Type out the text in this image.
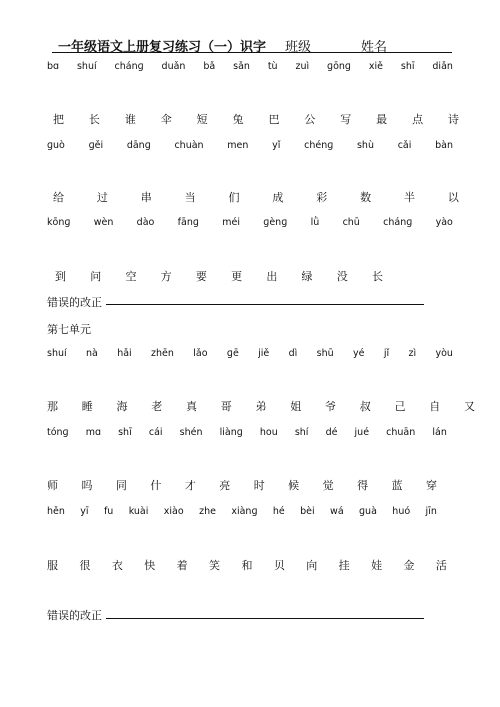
一年级语文上册复习练习（一）识字 班级	姓名
bɑ shuí chánɡ duǎn bǎ sǎn tù zuì ɡōnɡ xiě shī diǎn
把 长 谁 伞 短 兔 巴 公 写 最 点 诗
ɡuò ɡěi dānɡ chuàn men yǐ chénɡ shù cǎi bàn
给	过	串	当	们	成	彩	数	半	以
kōnɡ wèn dào fānɡ méi ɡènɡ lǜ chū chánɡ yào
到 问 空 方 要 更 出 绿 没 长
错误的改正
第七单元
shuí nà hǎi zhēn lǎo ɡē jiě dì shū yé jǐ zì yòu
那 睡 海 老 真 哥 弟 姐 爷 叔 己 自 又
tónɡ mɑ shī cái shén liànɡ hou shí dé jué chuān lán
师 吗 同 什 才 亮 时 候 觉 得 蓝 穿
hěn yī fu kuài xiào zhe xiànɡ hé bèi wá ɡuà huó jīn
服 很 衣 快 着 笑 和 贝 向 挂 娃 金 活
错误的改正
